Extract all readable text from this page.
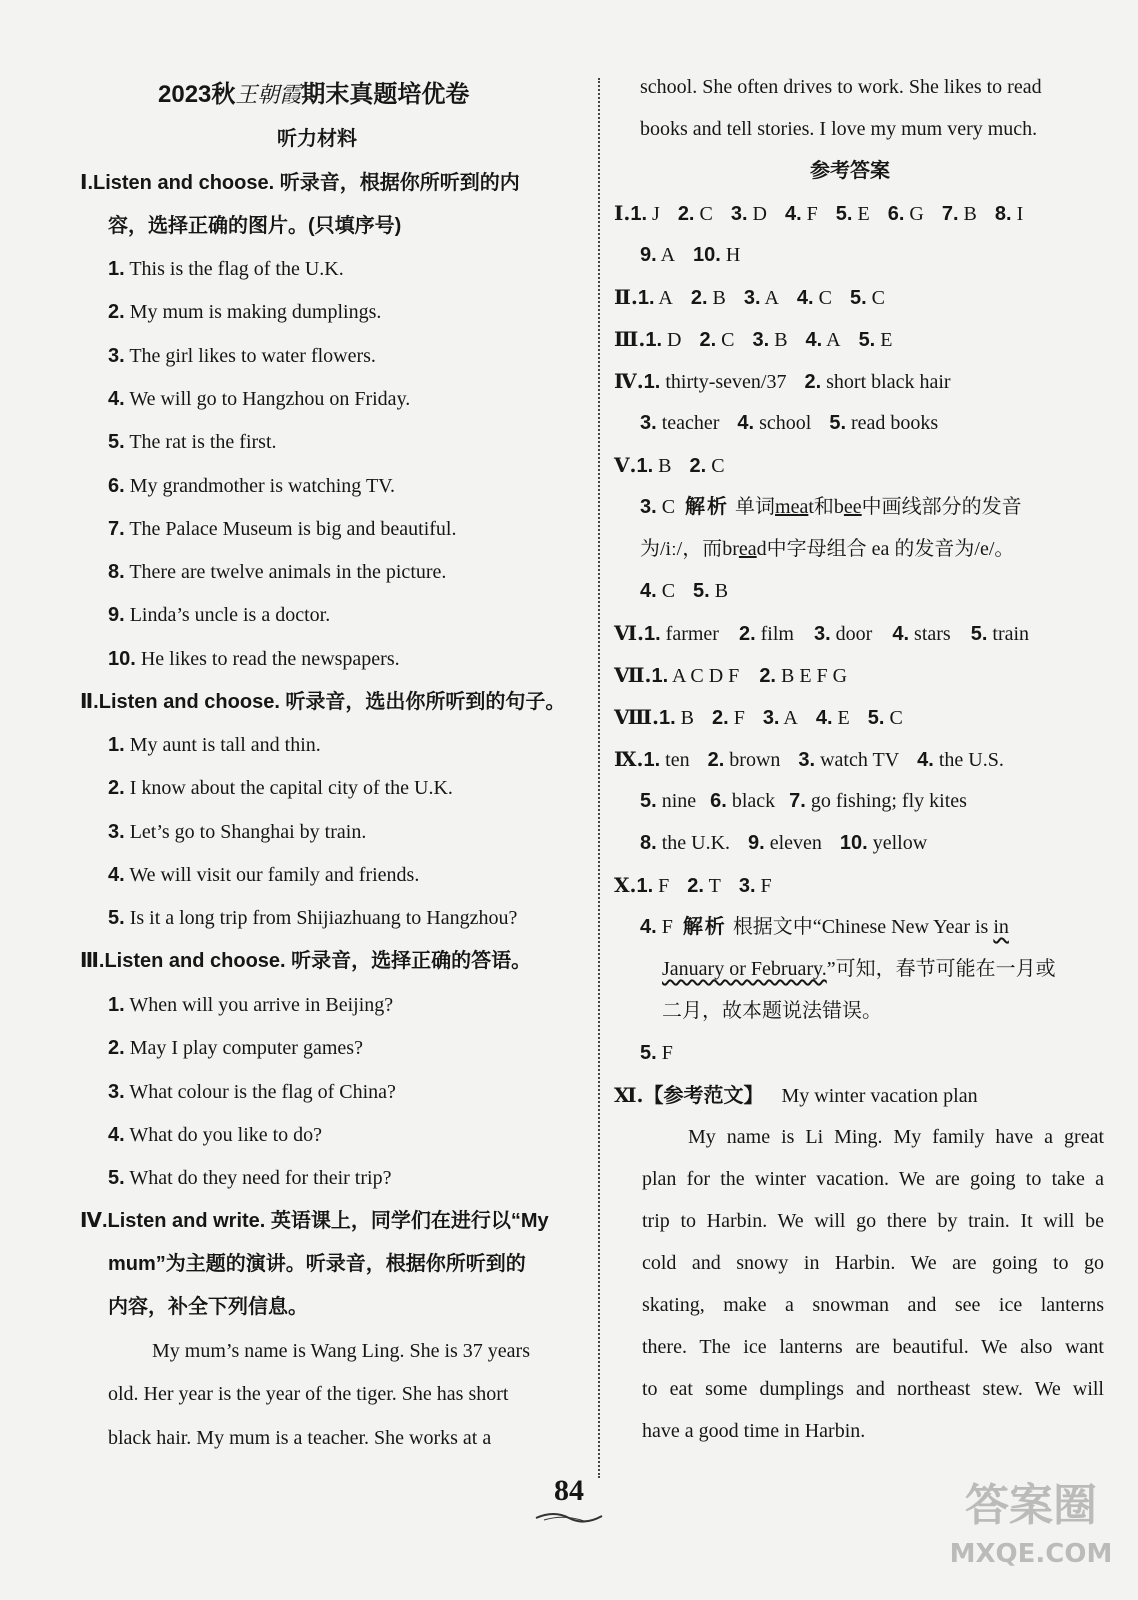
2023秋王朝霞期末真题培优卷
听力材料
Ⅰ.Listen and choose. 听录音，根据你所听到的内
容，选择正确的图片。(只填序号)
1. This is the flag of the U.K.
2. My mum is making dumplings.
3. The girl likes to water flowers.
4. We will go to Hangzhou on Friday.
5. The rat is the first.
6. My grandmother is watching TV.
7. The Palace Museum is big and beautiful.
8. There are twelve animals in the picture.
9. Linda’s uncle is a doctor.
10. He likes to read the newspapers.
Ⅱ.Listen and choose. 听录音，选出你所听到的句子。
1. My aunt is tall and thin.
2. I know about the capital city of the U.K.
3. Let’s go to Shanghai by train.
4. We will visit our family and friends.
5. Is it a long trip from Shijiazhuang to Hangzhou?
Ⅲ.Listen and choose. 听录音，选择正确的答语。
1. When will you arrive in Beijing?
2. May I play computer games?
3. What colour is the flag of China?
4. What do you like to do?
5. What do they need for their trip?
Ⅳ.Listen and write. 英语课上，同学们在进行以“My
mum”为主题的演讲。听录音，根据你所听到的
内容，补全下列信息。
My mum’s name is Wang Ling. She is 37 years
old. Her year is the year of the tiger. She has short
black hair. My mum is a teacher. She works at a
school. She often drives to work. She likes to read
books and tell stories. I love my mum very much.
参考答案
Ⅰ.1. J 2. C 3. D 4. F 5. E 6. G 7. B 8. I
9. A 10. H
Ⅱ.1. A 2. B 3. A 4. C 5. C
Ⅲ.1. D 2. C 3. B 4. A 5. E
Ⅳ.1. thirty-seven/37 2. short black hair
3. teacher 4. school 5. read books
Ⅴ.1. B 2. C
3. C 解析 单词meat和bee中画线部分的发音
为/iː/，而bread中字母组合 ea 的发音为/e/。
4. C 5. B
Ⅵ.1. farmer 2. film 3. door 4. stars 5. train
Ⅶ.1. A C D F 2. B E F G
Ⅷ.1. B 2. F 3. A 4. E 5. C
Ⅸ.1. ten 2. brown 3. watch TV 4. the U.S.
5. nine 6. black 7. go fishing; fly kites
8. the U.K. 9. eleven 10. yellow
Ⅹ.1. F 2. T 3. F
4. F 解析 根据文中“Chinese New Year is in
January or February.”可知，春节可能在一月或
二月，故本题说法错误。
5. F
Ⅺ.【参考范文】 My winter vacation plan
My name is Li Ming. My family have a great
plan for the winter vacation. We are going to take a
trip to Harbin. We will go there by train. It will be
cold and snowy in Harbin. We are going to go
skating, make a snowman and see ice lanterns
there. The ice lanterns are beautiful. We also want
to eat some dumplings and northeast stew. We will
have a good time in Harbin.
84	答案圈
MXQE.COM
